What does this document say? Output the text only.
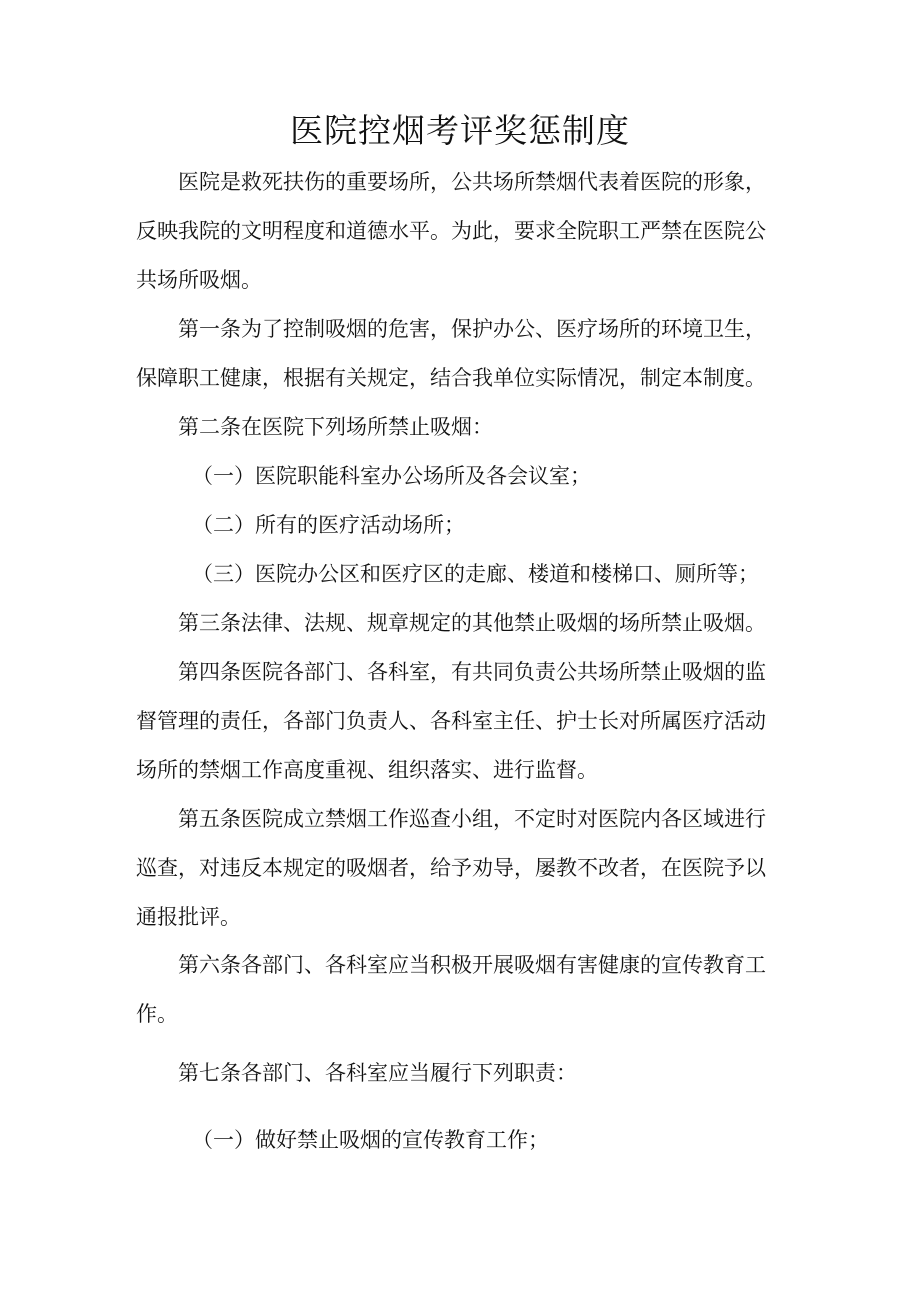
医院控烟考评奖惩制度

医院是救死扶伤的重要场所，公共场所禁烟代表着医院的形象，

反映我院的文明程度和道德水平。为此，要求全院职工严禁在医院公

共场所吸烟。

第一条为了控制吸烟的危害，保护办公、医疗场所的环境卫生，

保障职工健康，根据有关规定，结合我单位实际情况，制定本制度。

第二条在医院下列场所禁止吸烟：

（一）医院职能科室办公场所及各会议室；

（二）所有的医疗活动场所；

（三）医院办公区和医疗区的走廊、楼道和楼梯口、厕所等；

第三条法律、法规、规章规定的其他禁止吸烟的场所禁止吸烟。

第四条医院各部门、各科室，有共同负责公共场所禁止吸烟的监

督管理的责任，各部门负责人、各科室主任、护士长对所属医疗活动

场所的禁烟工作高度重视、组织落实、进行监督。

第五条医院成立禁烟工作巡查小组，不定时对医院内各区域进行

巡查，对违反本规定的吸烟者，给予劝导，屡教不改者，在医院予以

通报批评。

第六条各部门、各科室应当积极开展吸烟有害健康的宣传教育工

作。

第七条各部门、各科室应当履行下列职责：

（一）做好禁止吸烟的宣传教育工作；
